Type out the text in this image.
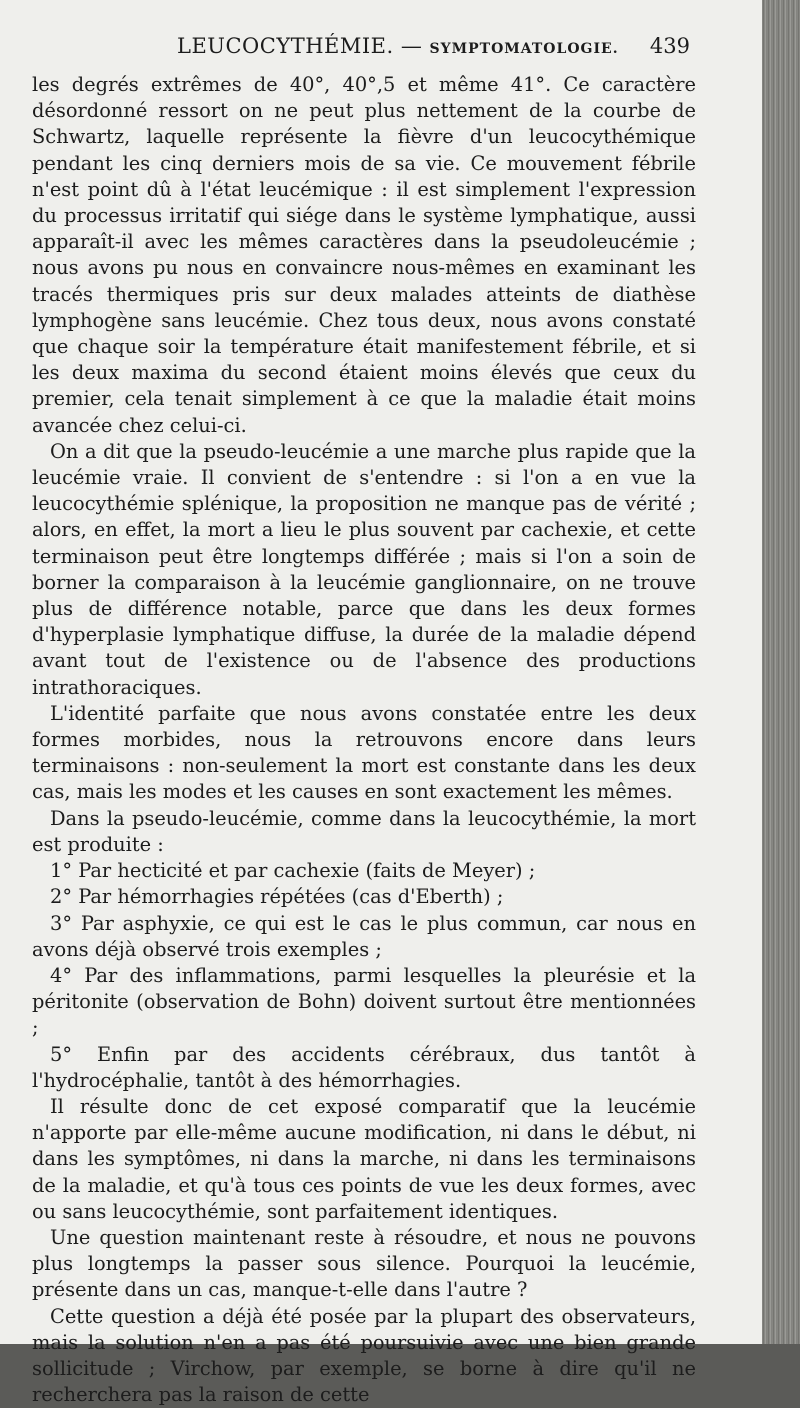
LEUCOCYTHÉMIE. — SYMPTOMATOLOGIE. 439

les degrés extrêmes de 40°, 40°,5 et même 41°. Ce caractère désordonné ressort on ne peut plus nettement de la courbe de Schwartz, laquelle représente la fièvre d'un leucocythémique pendant les cinq derniers mois de sa vie. Ce mouvement fébrile n'est point dû à l'état leucémique : il est simplement l'expression du processus irritatif qui siége dans le système lymphatique, aussi apparaît-il avec les mêmes caractères dans la pseudoleucémie ; nous avons pu nous en convaincre nous-mêmes en examinant les tracés thermiques pris sur deux malades atteints de diathèse lymphogène sans leucémie. Chez tous deux, nous avons constaté que chaque soir la température était manifestement fébrile, et si les deux maxima du second étaient moins élevés que ceux du premier, cela tenait simplement à ce que la maladie était moins avancée chez celui-ci.

On a dit que la pseudo-leucémie a une marche plus rapide que la leucémie vraie. Il convient de s'entendre : si l'on a en vue la leucocythémie splénique, la proposition ne manque pas de vérité ; alors, en effet, la mort a lieu le plus souvent par cachexie, et cette terminaison peut être longtemps différée ; mais si l'on a soin de borner la comparaison à la leucémie ganglionnaire, on ne trouve plus de différence notable, parce que dans les deux formes d'hyperplasie lymphatique diffuse, la durée de la maladie dépend avant tout de l'existence ou de l'absence des productions intrathoraciques.

L'identité parfaite que nous avons constatée entre les deux formes morbides, nous la retrouvons encore dans leurs terminaisons : non-seulement la mort est constante dans les deux cas, mais les modes et les causes en sont exactement les mêmes.

Dans la pseudo-leucémie, comme dans la leucocythémie, la mort est produite :

1° Par hecticité et par cachexie (faits de Meyer) ;

2° Par hémorrhagies répétées (cas d'Eberth) ;

3° Par asphyxie, ce qui est le cas le plus commun, car nous en avons déjà observé trois exemples ;

4° Par des inflammations, parmi lesquelles la pleurésie et la péritonite (observation de Bohn) doivent surtout être mentionnées ;

5° Enfin par des accidents cérébraux, dus tantôt à l'hydrocéphalie, tantôt à des hémorrhagies.

Il résulte donc de cet exposé comparatif que la leucémie n'apporte par elle-même aucune modification, ni dans le début, ni dans les symptômes, ni dans la marche, ni dans les terminaisons de la maladie, et qu'à tous ces points de vue les deux formes, avec ou sans leucocythémie, sont parfaitement identiques.

Une question maintenant reste à résoudre, et nous ne pouvons plus longtemps la passer sous silence. Pourquoi la leucémie, présente dans un cas, manque-t-elle dans l'autre ?

Cette question a déjà été posée par la plupart des observateurs, mais la solution n'en a pas été poursuivie avec une bien grande sollicitude ; Virchow, par exemple, se borne à dire qu'il ne recherchera pas la raison de cette
